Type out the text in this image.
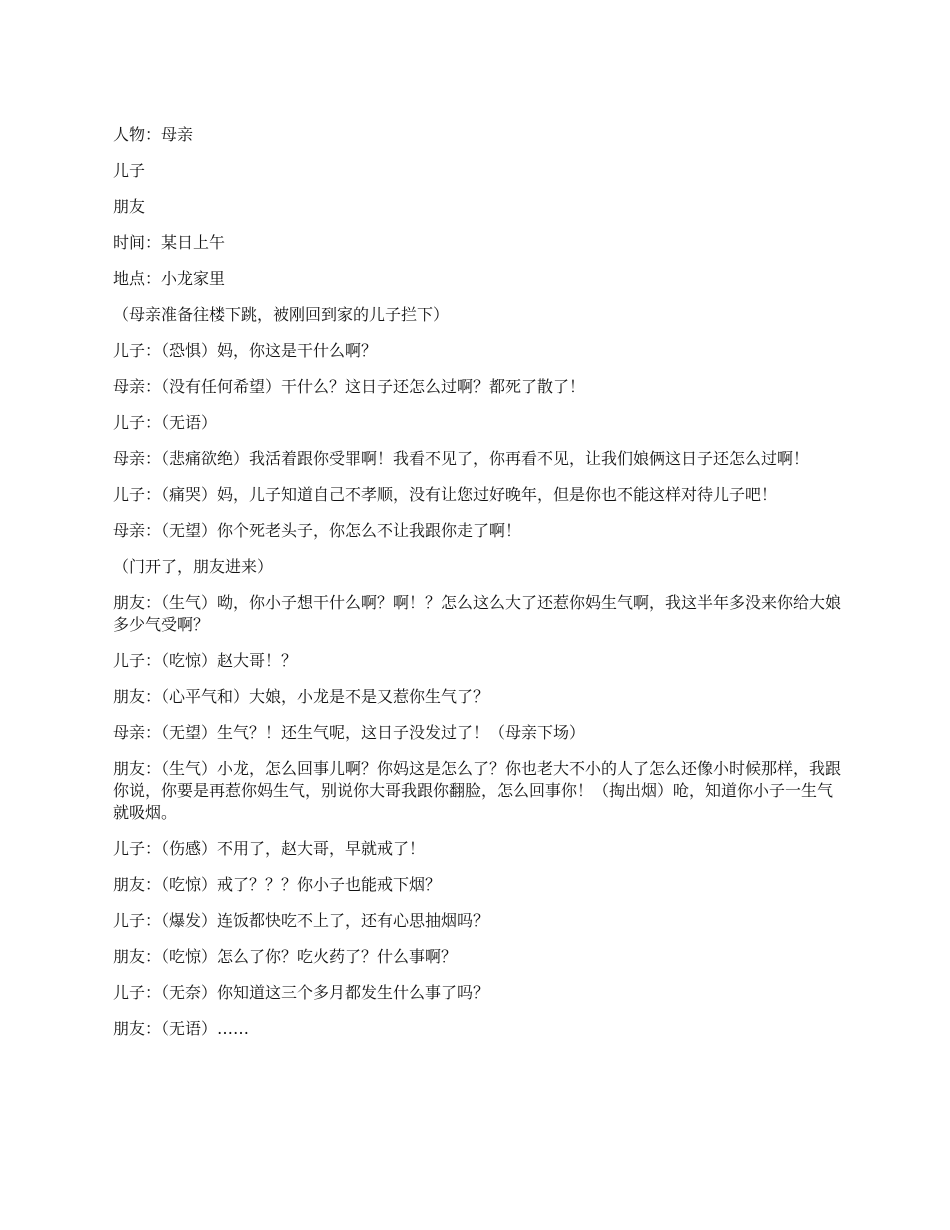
人物：母亲

儿子

朋友

时间：某日上午

地点：小龙家里

（母亲准备往楼下跳，被刚回到家的儿子拦下）

儿子：（恐惧）妈，你这是干什么啊？

母亲：（没有任何希望）干什么？这日子还怎么过啊？都死了散了！

儿子：（无语）

母亲：（悲痛欲绝）我活着跟你受罪啊！我看不见了，你再看不见，让我们娘俩这日子还怎么过啊！

儿子：（痛哭）妈，儿子知道自己不孝顺，没有让您过好晚年，但是你也不能这样对待儿子吧！

母亲：（无望）你个死老头子，你怎么不让我跟你走了啊！

（门开了，朋友进来）

朋友：（生气）呦，你小子想干什么啊？啊！？怎么这么大了还惹你妈生气啊，我这半年多没来你给大娘多少气受啊？

儿子：（吃惊）赵大哥！？

朋友：（心平气和）大娘，小龙是不是又惹你生气了？

母亲：（无望）生气？！还生气呢，这日子没发过了！（母亲下场）

朋友：（生气）小龙，怎么回事儿啊？你妈这是怎么了？你也老大不小的人了怎么还像小时候那样，我跟你说，你要是再惹你妈生气，别说你大哥我跟你翻脸，怎么回事你！（掏出烟）呛，知道你小子一生气就吸烟。

儿子：（伤感）不用了，赵大哥，早就戒了！

朋友：（吃惊）戒了？？？你小子也能戒下烟？

儿子：（爆发）连饭都快吃不上了，还有心思抽烟吗？

朋友：（吃惊）怎么了你？吃火药了？什么事啊？

儿子：（无奈）你知道这三个多月都发生什么事了吗？

朋友：（无语）……
